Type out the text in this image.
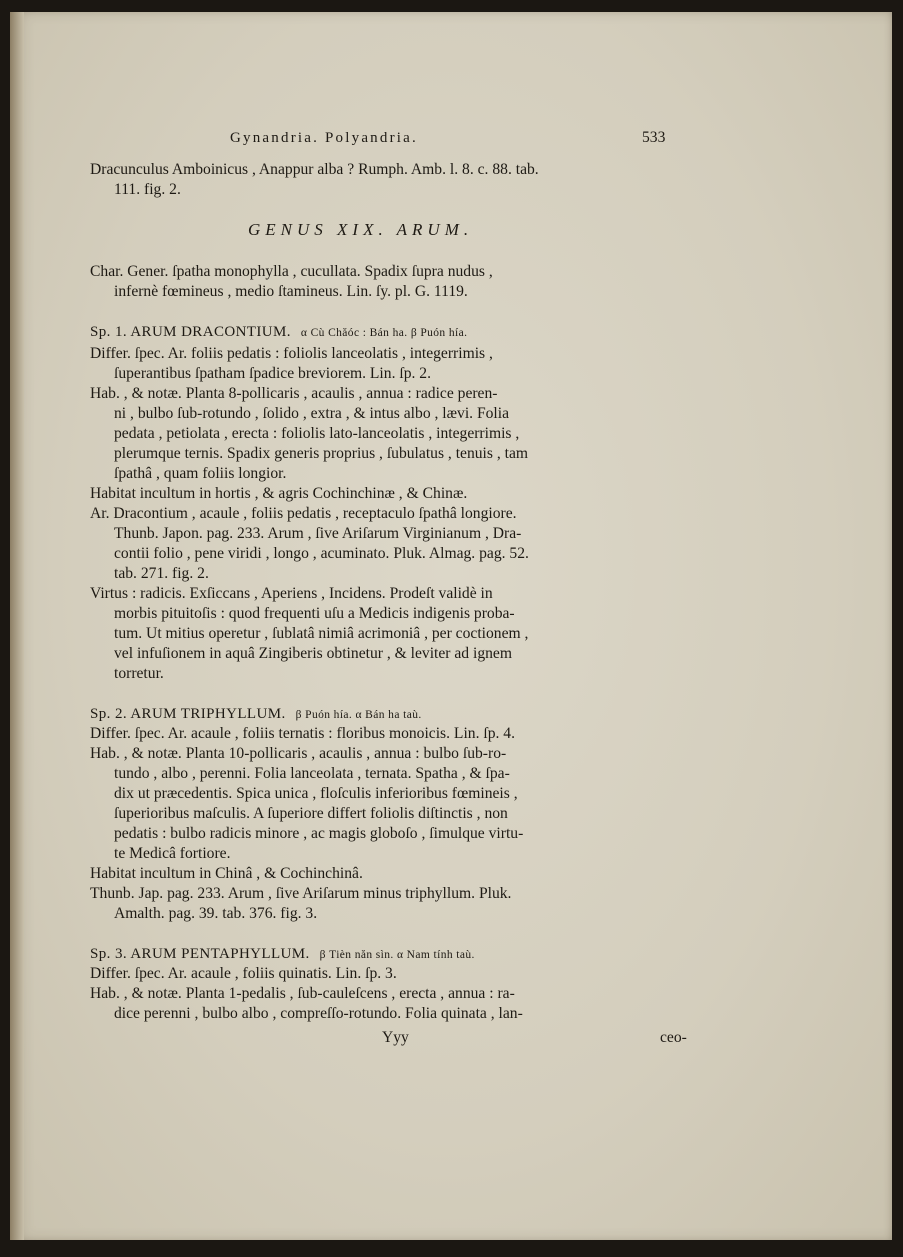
Gynandria. Polyandria.	533
Dracunculus Amboinicus , Anappur alba ? Rumph. Amb. l. 8. c. 88. tab.
111. fig. 2.
GENUS XIX. ARUM.
Char. Gener. ſpatha monophylla , cucullata. Spadix ſupra nudus ,
infernè fœmineus , medio ſtamineus. Lin. ſy. pl. G. 1119.
Sp. 1. ARUM DRACONTIUM. α Cù Chăóc : Bán ha. β Puón hía.
Differ. ſpec. Ar. foliis pedatis : foliolis lanceolatis , integerrimis ,
ſuperantibus ſpatham ſpadice breviorem. Lin. ſp. 2.
Hab. , & notæ. Planta 8-pollicaris , acaulis , annua : radice peren-
ni , bulbo ſub-rotundo , ſolido , extra , & intus albo , lævi. Folia
pedata , petiolata , erecta : foliolis lato-lanceolatis , integerrimis ,
plerumque ternis. Spadix generis proprius , ſubulatus , tenuis , tam
ſpathâ , quam foliis longior.
Habitat incultum in hortis , & agris Cochinchinæ , & Chinæ.
Ar. Dracontium , acaule , foliis pedatis , receptaculo ſpathâ longiore.
Thunb. Japon. pag. 233. Arum , ſive Ariſarum Virginianum , Dra-
contii folio , pene viridi , longo , acuminato. Pluk. Almag. pag. 52.
tab. 271. fig. 2.
Virtus : radicis. Exſiccans , Aperiens , Incidens. Prodeſt validè in
morbis pituitoſis : quod frequenti uſu a Medicis indigenis proba-
tum. Ut mitius operetur , ſublatâ nimiâ acrimoniâ , per coctionem ,
vel infuſionem in aquâ Zingiberis obtinetur , & leviter ad ignem
torretur.
Sp. 2. ARUM TRIPHYLLUM. β Puón hía. α Bán ha taù.
Differ. ſpec. Ar. acaule , foliis ternatis : floribus monoicis. Lin. ſp. 4.
Hab. , & notæ. Planta 10-pollicaris , acaulis , annua : bulbo ſub-ro-
tundo , albo , perenni. Folia lanceolata , ternata. Spatha , & ſpa-
dix ut præcedentis. Spica unica , floſculis inferioribus fœmineis ,
ſuperioribus maſculis. A ſuperiore differt foliolis diſtinctis , non
pedatis : bulbo radicis minore , ac magis globoſo , ſimulque virtu-
te Medicâ fortiore.
Habitat incultum in Chinâ , & Cochinchinâ.
Thunb. Jap. pag. 233. Arum , ſive Ariſarum minus triphyllum. Pluk.
Amalth. pag. 39. tab. 376. fig. 3.
Sp. 3. ARUM PENTAPHYLLUM. β Tièn năn sìn. α Nam tính taù.
Differ. ſpec. Ar. acaule , foliis quinatis. Lin. ſp. 3.
Hab. , & notæ. Planta 1-pedalis , ſub-cauleſcens , erecta , annua : ra-
dice perenni , bulbo albo , compreſſo-rotundo. Folia quinata , lan-
Yyy	ceo-
